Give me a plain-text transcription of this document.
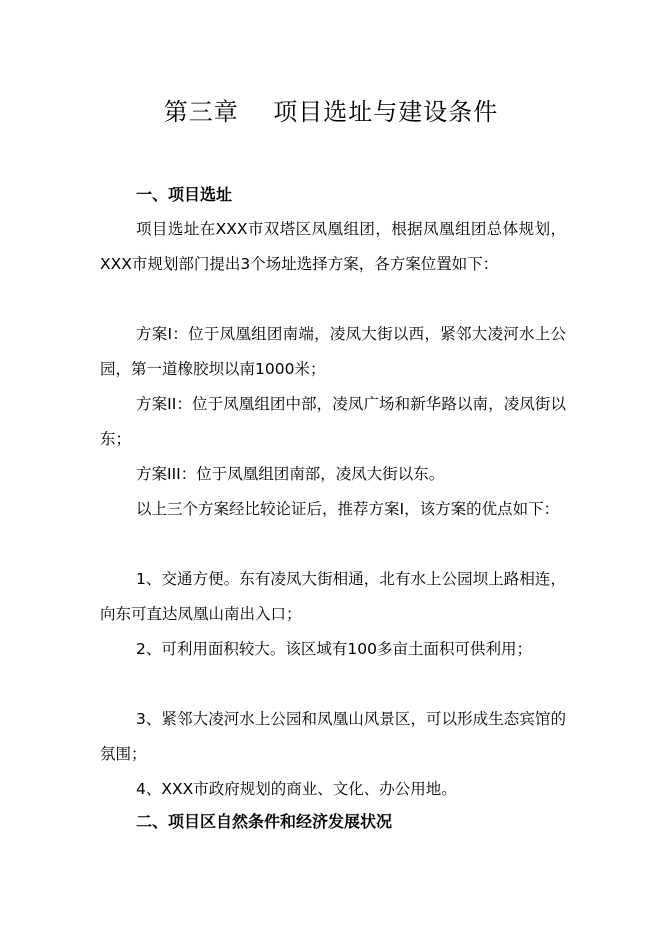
第三章    项目选址与建设条件
一、项目选址
项目选址在XXX市双塔区凤凰组团，根据凤凰组团总体规划，XXX市规划部门提出3个场址选择方案，各方案位置如下：
方案I：位于凤凰组团南端，凌凤大街以西，紧邻大凌河水上公园，第一道橡胶坝以南1000米；
方案II：位于凤凰组团中部，凌凤广场和新华路以南，凌凤街以东；
方案III：位于凤凰组团南部，凌凤大街以东。
以上三个方案经比较论证后，推荐方案I，该方案的优点如下：
1、交通方便。东有凌凤大街相通，北有水上公园坝上路相连，向东可直达凤凰山南出入口；
2、可利用面积较大。该区域有100多亩土面积可供利用；
3、紧邻大凌河水上公园和凤凰山风景区，可以形成生态宾馆的氛围；
4、XXX市政府规划的商业、文化、办公用地。
二、项目区自然条件和经济发展状况
